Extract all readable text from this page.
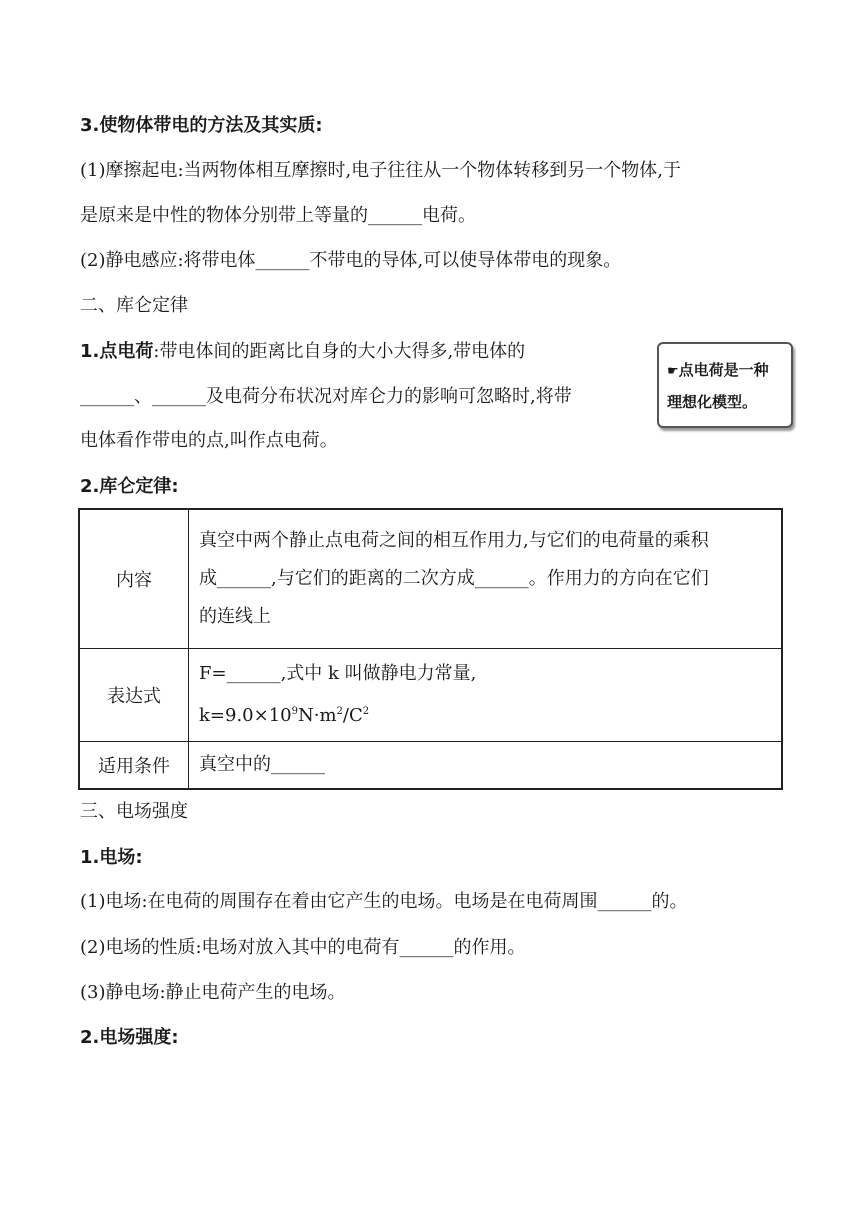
3.使物体带电的方法及其实质:
(1)摩擦起电:当两物体相互摩擦时,电子往往从一个物体转移到另一个物体,于
是原来是中性的物体分别带上等量的______电荷。
(2)静电感应:将带电体______不带电的导体,可以使导体带电的现象。
二、库仑定律
1.点电荷:带电体间的距离比自身的大小大得多,带电体的
______、______及电荷分布状况对库仑力的影响可忽略时,将带
电体看作带电的点,叫作点电荷。
☛点电荷是一种
理想化模型。
2.库仑定律:
内容	真空中两个静止点电荷之间的相互作用力,与它们的电荷量的乘积
成______,与它们的距离的二次方成______。作用力的方向在它们
的连线上

表达式	F=______,式中 k 叫做静电力常量,
$k=9.0\times 10^9N\cdot m^2/C^2$

适用条件	真空中的______
三、电场强度
1.电场:
(1)电场:在电荷的周围存在着由它产生的电场。电场是在电荷周围______的。
(2)电场的性质:电场对放入其中的电荷有______的作用。
(3)静电场:静止电荷产生的电场。
2.电场强度:
